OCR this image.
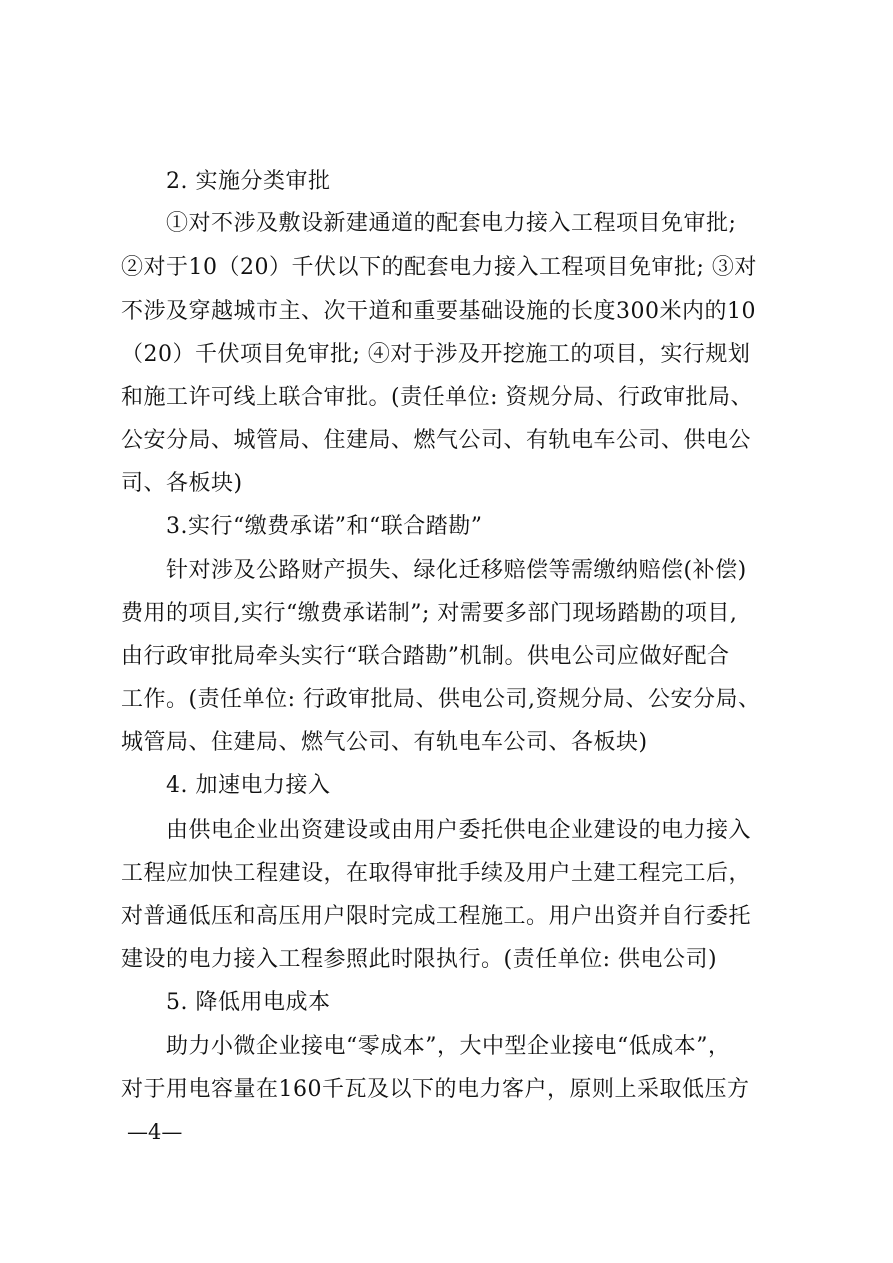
2. 实施分类审批
①对不涉及敷设新建通道的配套电力接入工程项目免审批;
②对于10（20）千伏以下的配套电力接入工程项目免审批; ③对
不涉及穿越城市主、次干道和重要基础设施的长度300米内的10
（20）千伏项目免审批; ④对于涉及开挖施工的项目，实行规划
和施工许可线上联合审批。(责任单位: 资规分局、行政审批局、
公安分局、城管局、住建局、燃气公司、有轨电车公司、供电公
司、各板块)
3.实行“缴费承诺”和“联合踏勘”
针对涉及公路财产损失、绿化迁移赔偿等需缴纳赔偿(补偿)
费用的项目,实行“缴费承诺制”; 对需要多部门现场踏勘的项目,
由行政审批局牵头实行“联合踏勘”机制。供电公司应做好配合
工作。(责任单位: 行政审批局、供电公司,资规分局、公安分局、
城管局、住建局、燃气公司、有轨电车公司、各板块)
4. 加速电力接入
由供电企业出资建设或由用户委托供电企业建设的电力接入
工程应加快工程建设，在取得审批手续及用户土建工程完工后，
对普通低压和高压用户限时完成工程施工。用户出资并自行委托
建设的电力接入工程参照此时限执行。(责任单位: 供电公司)
5. 降低用电成本
助力小微企业接电“零成本”，大中型企业接电“低成本”，
对于用电容量在160千瓦及以下的电力客户，原则上采取低压方
—4—
